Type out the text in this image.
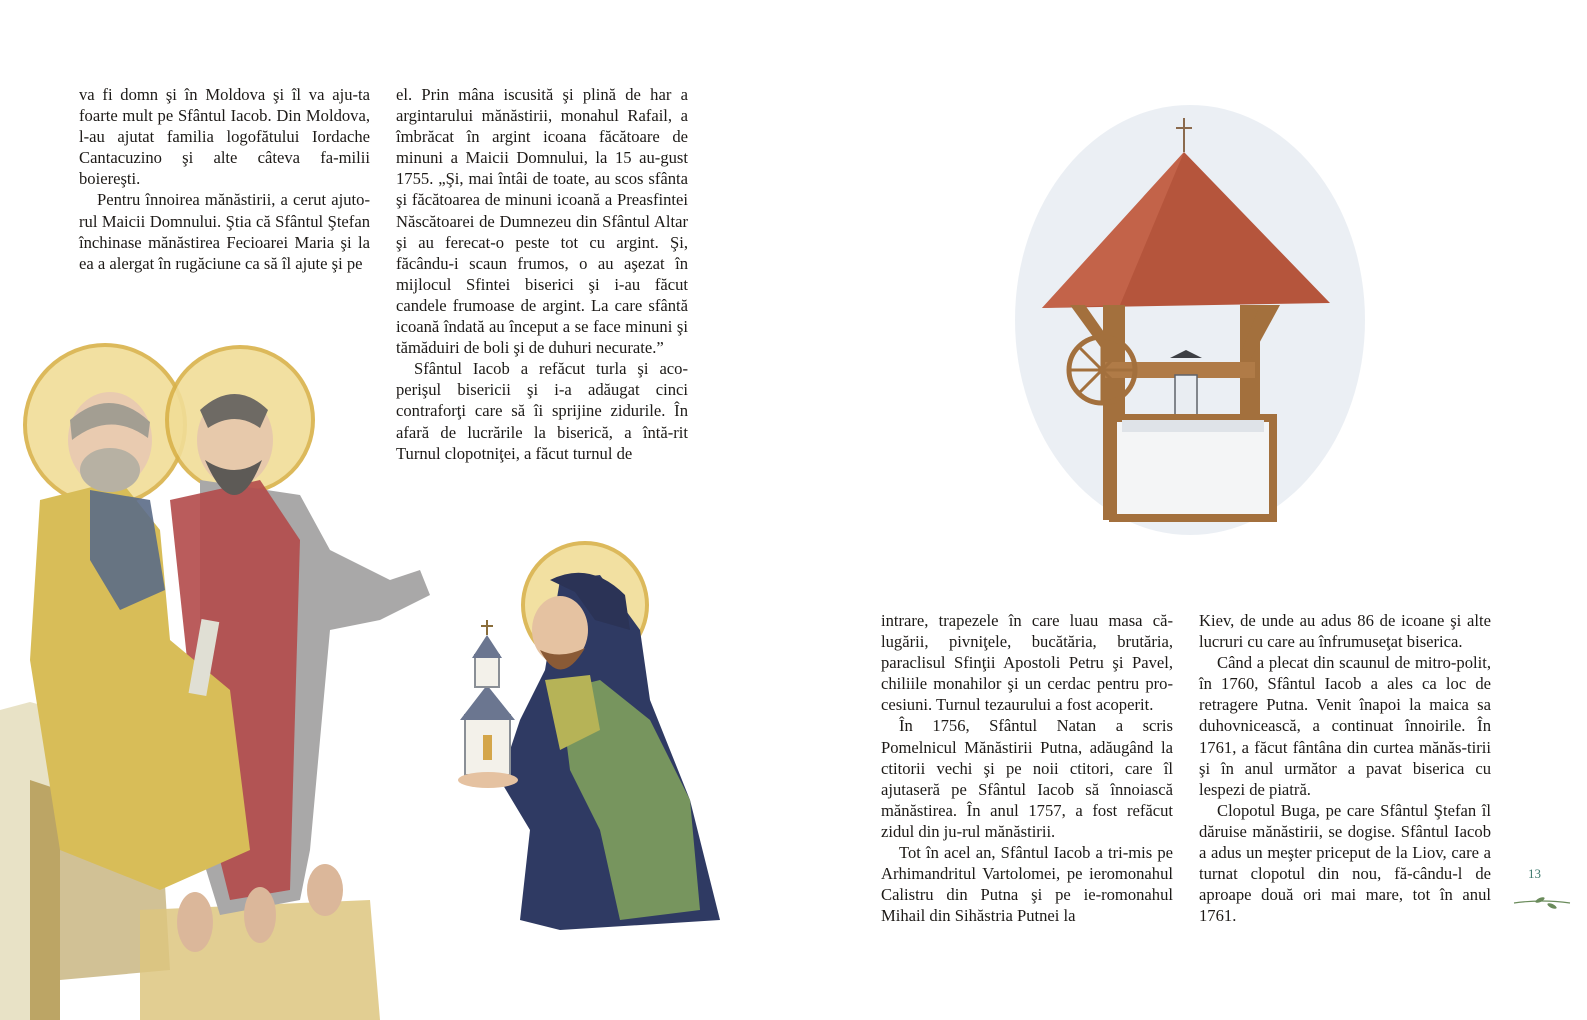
va fi domn şi în Moldova şi îl va aju-ta foarte mult pe Sfântul Iacob. Din Moldova, l-au ajutat familia logofătului Iordache Cantacuzino şi alte câteva fa-milii boiereşti.

Pentru înnoirea mănăstirii, a cerut ajuto-rul Maicii Domnului. Ştia că Sfântul Ştefan închinase mănăstirea Fecioarei Maria şi la ea a alergat în rugăciune ca să îl ajute şi pe

el. Prin mâna iscusită şi plină de har a argintarului mănăstirii, monahul Rafail, a îmbrăcat în argint icoana făcătoare de minuni a Maicii Domnului, la 15 au-gust 1755. „Şi, mai întâi de toate, au scos sfânta şi făcătoarea de minuni icoană a Preasfintei Născătoarei de Dumnezeu din Sfântul Altar şi au ferecat-o peste tot cu argint. Şi, făcându-i scaun frumos, o au aşezat în mijlocul Sfintei biserici şi i-au făcut candele frumoase de argint. La care sfântă icoană îndată au început a se face minuni şi tămăduiri de boli şi de duhuri necurate.”

Sfântul Iacob a refăcut turla şi aco-perişul bisericii şi i-a adăugat cinci contraforţi care să îi sprijine zidurile. În afară de lucrările la biserică, a întă-rit Turnul clopotniţei, a făcut turnul de

intrare, trapezele în care luau masa că-lugării, pivniţele, bucătăria, brutăria, paraclisul Sfinţii Apostoli Petru şi Pavel, chiliile monahilor şi un cerdac pentru pro-cesiuni. Turnul tezaurului a fost acoperit.

În 1756, Sfântul Natan a scris Pomelnicul Mănăstirii Putna, adăugând la ctitorii vechi şi pe noii ctitori, care îl ajutaseră pe Sfântul Iacob să înnoiască mănăstirea. În anul 1757, a fost refăcut zidul din ju-rul mănăstirii.

Tot în acel an, Sfântul Iacob a tri-mis pe Arhimandritul Vartolomei, pe ieromonahul Calistru din Putna şi pe ie-romonahul Mihail din Sihăstria Putnei la

Kiev, de unde au adus 86 de icoane şi alte lucruri cu care au înfrumuseţat biserica.

Când a plecat din scaunul de mitro-polit, în 1760, Sfântul Iacob a ales ca loc de retragere Putna. Venit înapoi la maica sa duhovnicească, a continuat înnoirile. În 1761, a făcut fântâna din curtea mănăs-tirii şi în anul următor a pavat biserica cu lespezi de piatră.

Clopotul Buga, pe care Sfântul Ştefan îl dăruise mănăstirii, se dogise. Sfântul Iacob a adus un meşter priceput de la Liov, care a turnat clopotul din nou, fă-cându-l de aproape două ori mai mare, tot în anul 1761.

13
